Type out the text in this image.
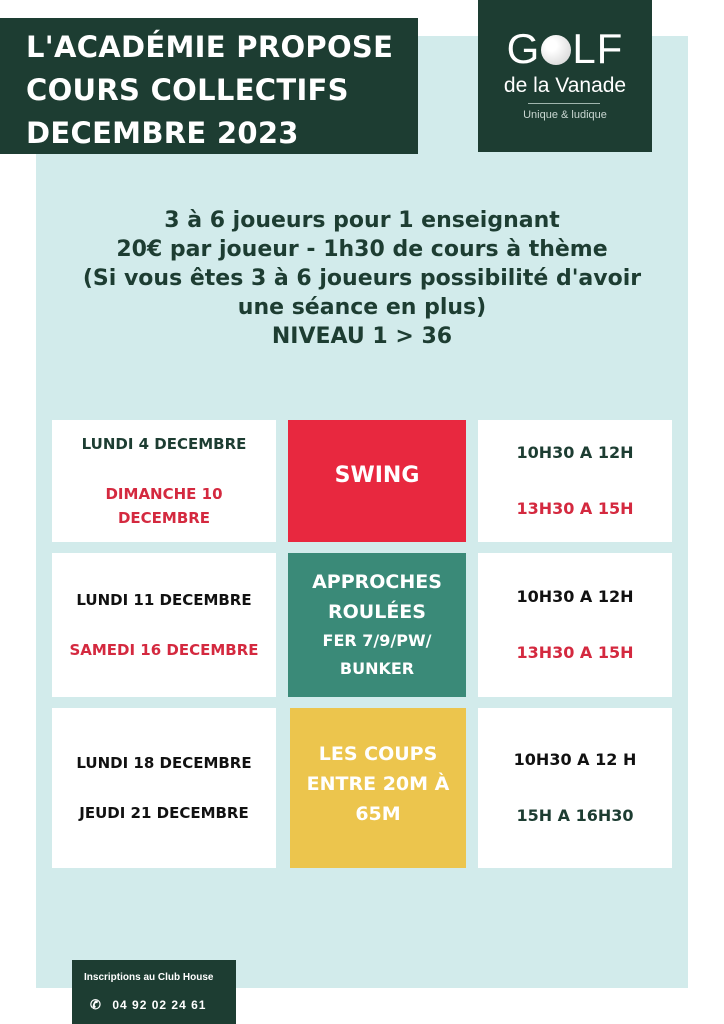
L'ACADÉMIE PROPOSE
COURS COLLECTIFS
DECEMBRE 2023
G LF
de la Vanade
Unique & ludique
3 à 6 joueurs pour 1 enseignant
20€ par joueur - 1h30 de cours à thème
(Si vous êtes 3 à 6 joueurs possibilité d'avoir
une séance en plus)
NIVEAU 1 > 36
LUNDI 4 DECEMBRE
DIMANCHE 10 DECEMBRE
SWING
10H30 A 12H
13H30 A 15H
LUNDI 11 DECEMBRE
SAMEDI 16 DECEMBRE
APPROCHES ROULÉES
FER 7/9/PW/ BUNKER
10H30 A 12H
13H30 A 15H
LUNDI 18 DECEMBRE
JEUDI 21 DECEMBRE
LES COUPS ENTRE 20M À 65M
10H30 A 12 H
15H A 16H30
Inscriptions au Club House
✆ 04 92 02 24 61
